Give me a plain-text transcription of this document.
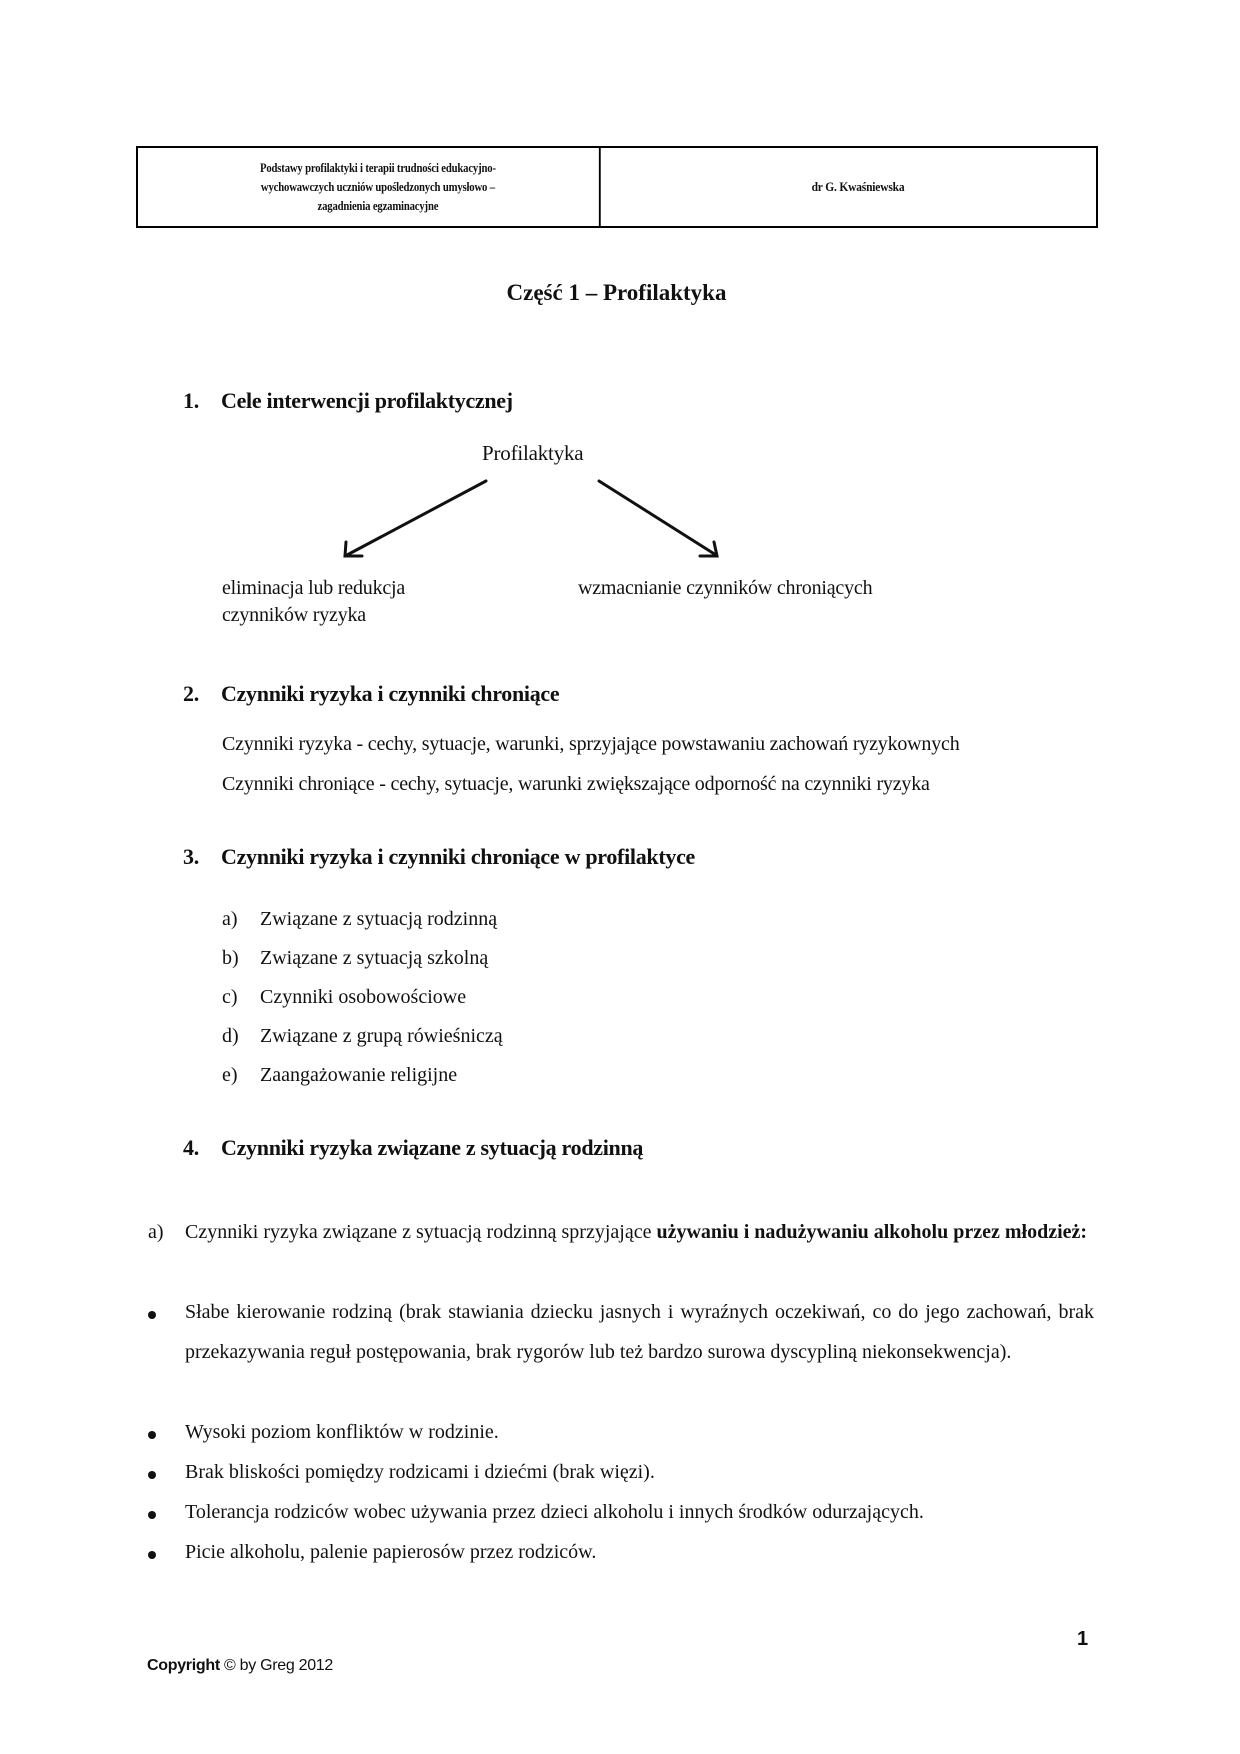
Podstawy profilaktyki i terapii trudności edukacyjno-
wychowawczych uczniów upośledzonych umysłowo –
zagadnienia egzaminacyjne
dr G. Kwaśniewska
Część 1 – Profilaktyka
1. Cele interwencji profilaktycznej
Profilaktyka
eliminacja lub redukcja
czynników ryzyka
wzmacnianie czynników chroniących
2. Czynniki ryzyka i czynniki chroniące
Czynniki ryzyka - cechy, sytuacje, warunki, sprzyjające powstawaniu zachowań ryzykownych
Czynniki chroniące - cechy, sytuacje, warunki zwiększające odporność na czynniki ryzyka
3. Czynniki ryzyka i czynniki chroniące w profilaktyce
a) Związane z sytuacją rodzinną
b) Związane z sytuacją szkolną
c) Czynniki osobowościowe
d) Związane z grupą rówieśniczą
e) Zaangażowanie religijne
4. Czynniki ryzyka związane z sytuacją rodzinną
a) Czynniki ryzyka związane z sytuacją rodzinną sprzyjające używaniu i nadużywaniu alkoholu przez młodzież:
Słabe kierowanie rodziną (brak stawiania dziecku jasnych i wyraźnych oczekiwań, co do jego zachowań, brak przekazywania reguł postępowania, brak rygorów lub też bardzo surowa dyscypliną niekonsekwencja).
Wysoki poziom konfliktów w rodzinie.
Brak bliskości pomiędzy rodzicami i dziećmi (brak więzi).
Tolerancja rodziców wobec używania przez dzieci alkoholu i innych środków odurzających.
Picie alkoholu, palenie papierosów przez rodziców.
1
Copyright © by Greg 2012
